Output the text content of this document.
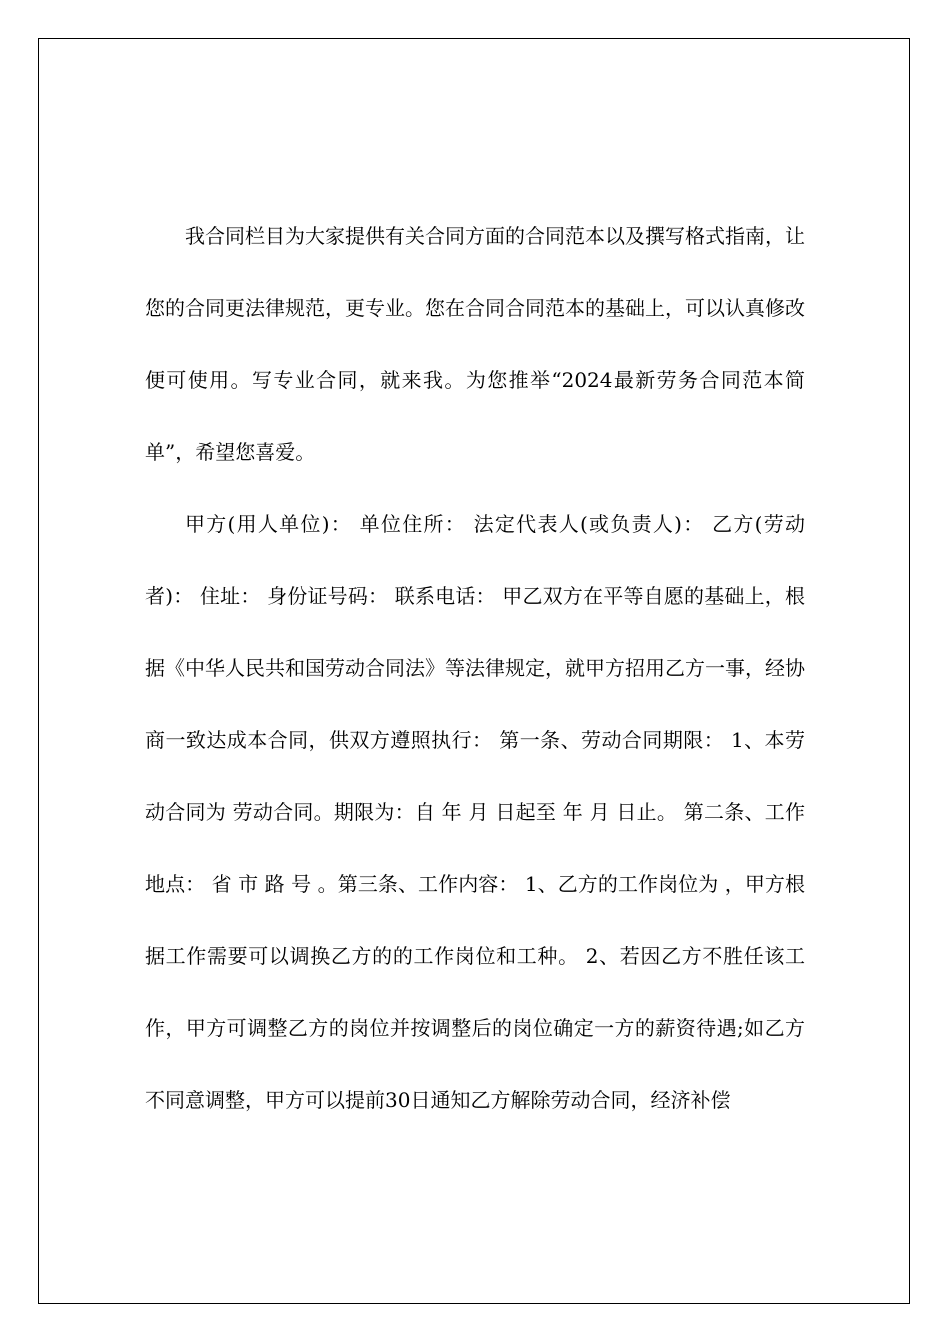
我合同栏目为大家提供有关合同方面的合同范本以及撰写格式指南，让您的合同更法律规范，更专业。您在合同合同范本的基础上，可以认真修改便可使用。写专业合同，就来我。为您推举“2024最新劳务合同范本简单”，希望您喜爱。

甲方(用人单位)： 单位住所： 法定代表人(或负责人)： 乙方(劳动者)： 住址： 身份证号码： 联系电话： 甲乙双方在平等自愿的基础上，根据《中华人民共和国劳动合同法》等法律规定，就甲方招用乙方一事，经协商一致达成本合同，供双方遵照执行： 第一条、劳动合同期限： 1、本劳动合同为 劳动合同。期限为：自 年 月 日起至 年 月 日止。 第二条、工作地点： 省 市 路 号 。第三条、工作内容： 1、乙方的工作岗位为 ，甲方根据工作需要可以调换乙方的的工作岗位和工种。 2、若因乙方不胜任该工作，甲方可调整乙方的岗位并按调整后的岗位确定一方的薪资待遇;如乙方不同意调整，甲方可以提前30日通知乙方解除劳动合同，经济补偿
